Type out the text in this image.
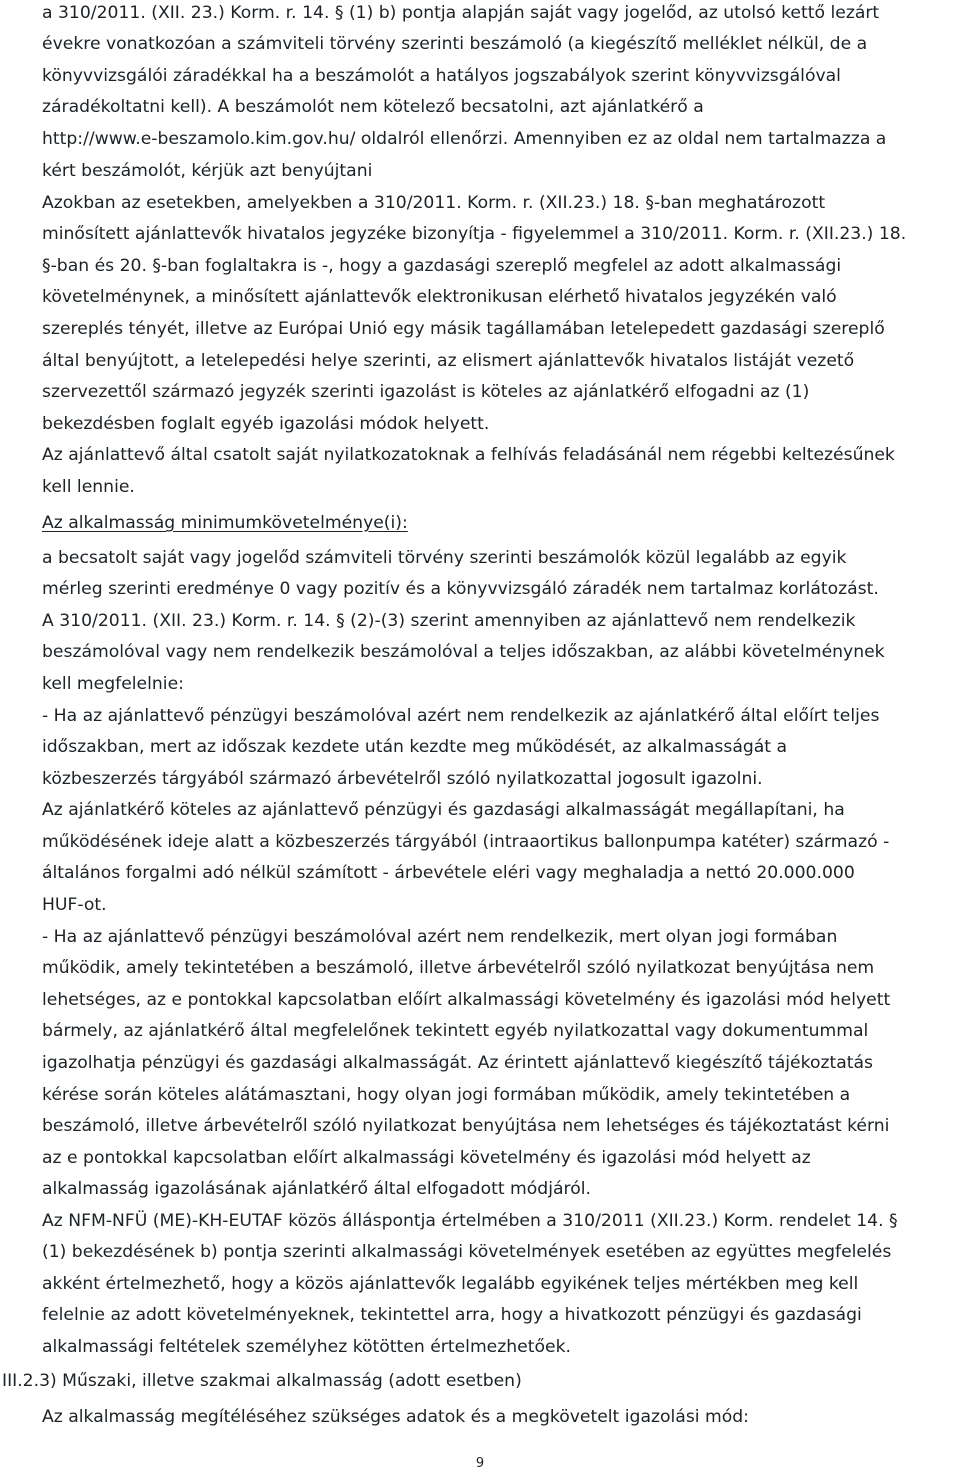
a 310/2011. (XII. 23.) Korm. r. 14. § (1) b) pontja alapján saját vagy jogelőd, az utolsó kettő lezárt
évekre vonatkozóan a számviteli törvény szerinti beszámoló (a kiegészítő melléklet nélkül, de a
könyvvizsgálói záradékkal ha a beszámolót a hatályos jogszabályok szerint könyvvizsgálóval
záradékoltatni kell). A beszámolót nem kötelező becsatolni, azt ajánlatkérő a
http://www.e-beszamolo.kim.gov.hu/ oldalról ellenőrzi. Amennyiben ez az oldal nem tartalmazza a
kért beszámolót, kérjük azt benyújtani
Azokban az esetekben, amelyekben a 310/2011. Korm. r. (XII.23.) 18. §-ban meghatározott
minősített ajánlattevők hivatalos jegyzéke bizonyítja - figyelemmel a 310/2011. Korm. r. (XII.23.) 18.
§-ban és 20. §-ban foglaltakra is -, hogy a gazdasági szereplő megfelel az adott alkalmassági
követelménynek, a minősített ajánlattevők elektronikusan elérhető hivatalos jegyzékén való
szereplés tényét, illetve az Európai Unió egy másik tagállamában letelepedett gazdasági szereplő
által benyújtott, a letelepedési helye szerinti, az elismert ajánlattevők hivatalos listáját vezető
szervezettől származó jegyzék szerinti igazolást is köteles az ajánlatkérő elfogadni az (1)
bekezdésben foglalt egyéb igazolási módok helyett.
Az ajánlattevő által csatolt saját nyilatkozatoknak a felhívás feladásánál nem régebbi keltezésűnek
kell lennie.
Az alkalmasság minimumkövetelménye(i):
a becsatolt saját vagy jogelőd számviteli törvény szerinti beszámolók közül legalább az egyik
mérleg szerinti eredménye 0 vagy pozitív és a könyvvizsgáló záradék nem tartalmaz korlátozást.
A 310/2011. (XII. 23.) Korm. r. 14. § (2)-(3) szerint amennyiben az ajánlattevő nem rendelkezik
beszámolóval vagy nem rendelkezik beszámolóval a teljes időszakban, az alábbi követelménynek
kell megfelelnie:
- Ha az ajánlattevő pénzügyi beszámolóval azért nem rendelkezik az ajánlatkérő által előírt teljes
időszakban, mert az időszak kezdete után kezdte meg működését, az alkalmasságát a
közbeszerzés tárgyából származó árbevételről szóló nyilatkozattal jogosult igazolni.
Az ajánlatkérő köteles az ajánlattevő pénzügyi és gazdasági alkalmasságát megállapítani, ha
működésének ideje alatt a közbeszerzés tárgyából (intraaortikus ballonpumpa katéter) származó -
általános forgalmi adó nélkül számított - árbevétele eléri vagy meghaladja a nettó 20.000.000
HUF-ot.
- Ha az ajánlattevő pénzügyi beszámolóval azért nem rendelkezik, mert olyan jogi formában
működik, amely tekintetében a beszámoló, illetve árbevételről szóló nyilatkozat benyújtása nem
lehetséges, az e pontokkal kapcsolatban előírt alkalmassági követelmény és igazolási mód helyett
bármely, az ajánlatkérő által megfelelőnek tekintett egyéb nyilatkozattal vagy dokumentummal
igazolhatja pénzügyi és gazdasági alkalmasságát. Az érintett ajánlattevő kiegészítő tájékoztatás
kérése során köteles alátámasztani, hogy olyan jogi formában működik, amely tekintetében a
beszámoló, illetve árbevételről szóló nyilatkozat benyújtása nem lehetséges és tájékoztatást kérni
az e pontokkal kapcsolatban előírt alkalmassági követelmény és igazolási mód helyett az
alkalmasság igazolásának ajánlatkérő által elfogadott módjáról.
Az NFM-NFÜ (ME)-KH-EUTAF közös álláspontja értelmében a 310/2011 (XII.23.) Korm. rendelet 14. §
(1) bekezdésének b) pontja szerinti alkalmassági követelmények esetében az együttes megfelelés
akként értelmezhető, hogy a közös ajánlattevők legalább egyikének teljes mértékben meg kell
felelnie az adott követelményeknek, tekintettel arra, hogy a hivatkozott pénzügyi és gazdasági
alkalmassági feltételek személyhez kötötten értelmezhetőek.
III.2.3) Műszaki, illetve szakmai alkalmasság (adott esetben)
Az alkalmasság megítéléséhez szükséges adatok és a megkövetelt igazolási mód:
9
